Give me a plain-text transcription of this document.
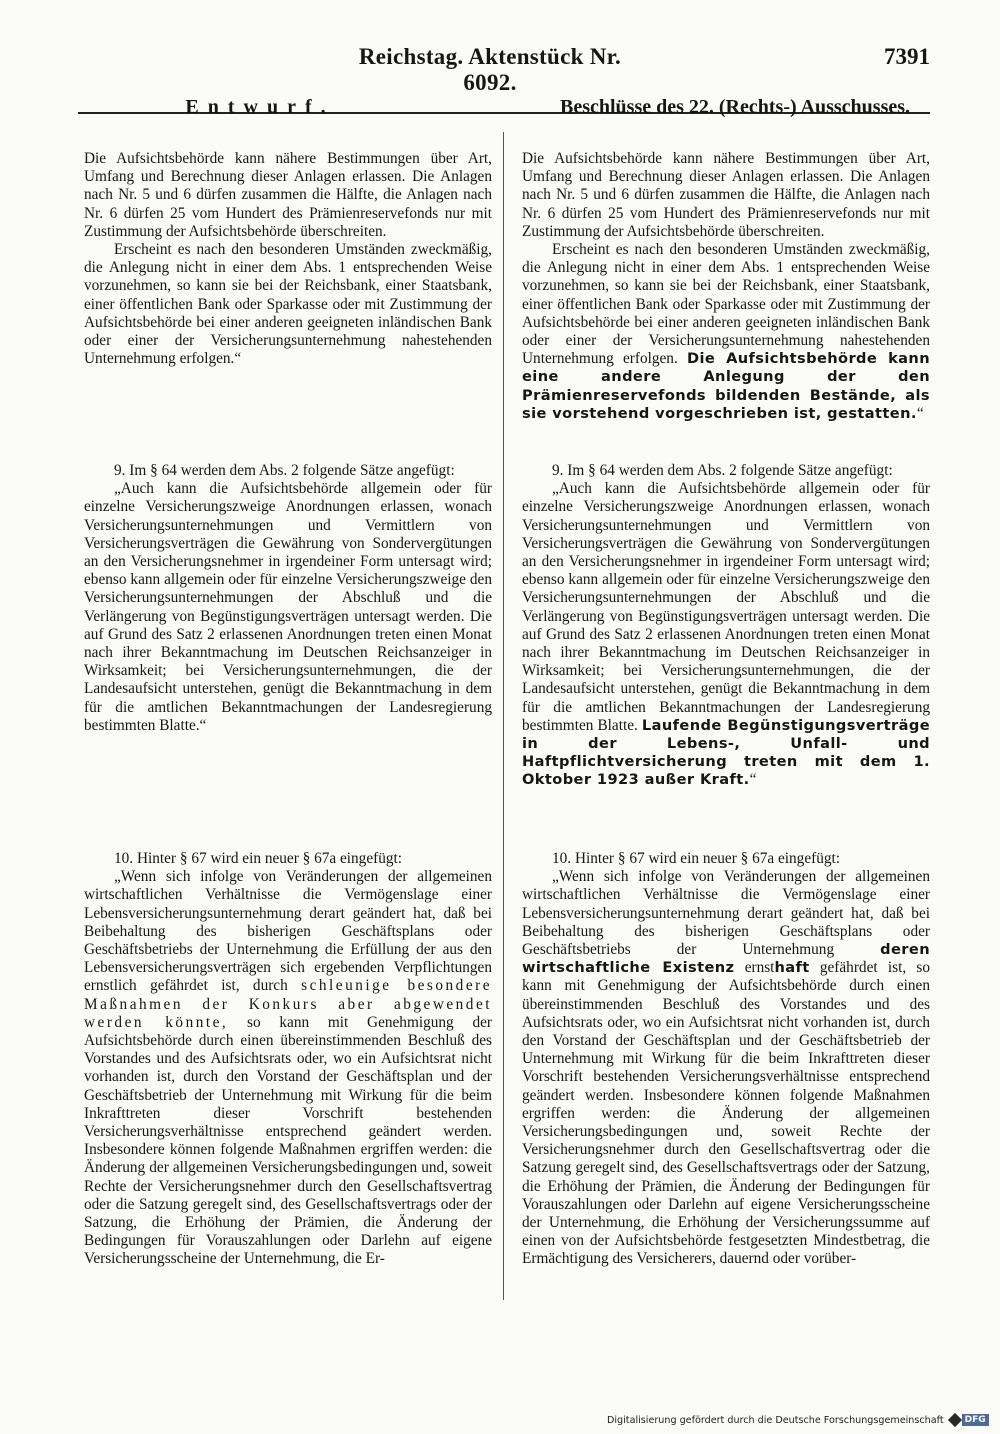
Reichstag. Aktenstück Nr. 6092.
7391
Entwurf.	Beschlüsse des 22. (Rechts-) Ausschusses.

Die Aufsichtsbehörde kann nähere Bestimmungen über Art, Umfang und Berechnung dieser Anlagen erlassen. Die Anlagen nach Nr. 5 und 6 dürfen zusammen die Hälfte, die Anlagen nach Nr. 6 dürfen 25 vom Hundert des Prämienreservefonds nur mit Zustimmung der Aufsichtsbehörde überschreiten.

Erscheint es nach den besonderen Umständen zweckmäßig, die Anlegung nicht in einer dem Abs. 1 entsprechenden Weise vorzunehmen, so kann sie bei der Reichsbank, einer Staatsbank, einer öffentlichen Bank oder Sparkasse oder mit Zustimmung der Aufsichtsbehörde bei einer anderen geeigneten inländischen Bank oder einer der Versicherungsunternehmung nahestehenden Unternehmung erfolgen.“

9. Im § 64 werden dem Abs. 2 folgende Sätze angefügt:

„Auch kann die Aufsichtsbehörde allgemein oder für einzelne Versicherungszweige Anordnungen erlassen, wonach Versicherungsunternehmungen und Vermittlern von Versicherungsverträgen die Gewährung von Sondervergütungen an den Versicherungsnehmer in irgendeiner Form untersagt wird; ebenso kann allgemein oder für einzelne Versicherungszweige den Versicherungsunternehmungen der Abschluß und die Verlängerung von Begünstigungsverträgen untersagt werden. Die auf Grund des Satz 2 erlassenen Anordnungen treten einen Monat nach ihrer Bekanntmachung im Deutschen Reichsanzeiger in Wirksamkeit; bei Versicherungsunternehmungen, die der Landesaufsicht unterstehen, genügt die Bekanntmachung in dem für die amtlichen Bekanntmachungen der Landesregierung bestimmten Blatte.“

10. Hinter § 67 wird ein neuer § 67a eingefügt:

„Wenn sich infolge von Veränderungen der allgemeinen wirtschaftlichen Verhältnisse die Vermögenslage einer Lebensversicherungsunternehmung derart geändert hat, daß bei Beibehaltung des bisherigen Geschäftsplans oder Geschäftsbetriebs der Unternehmung die Erfüllung der aus den Lebensversicherungsverträgen sich ergebenden Verpflichtungen ernstlich gefährdet ist, durch schleunige besondere Maßnahmen der Konkurs aber abgewendet werden könnte, so kann mit Genehmigung der Aufsichtsbehörde durch einen übereinstimmenden Beschluß des Vorstandes und des Aufsichtsrats oder, wo ein Aufsichtsrat nicht vorhanden ist, durch den Vorstand der Geschäftsplan und der Geschäftsbetrieb der Unternehmung mit Wirkung für die beim Inkrafttreten dieser Vorschrift bestehenden Versicherungsverhältnisse entsprechend geändert werden. Insbesondere können folgende Maßnahmen ergriffen werden: die Änderung der allgemeinen Versicherungsbedingungen und, soweit Rechte der Versicherungsnehmer durch den Gesellschaftsvertrag oder die Satzung geregelt sind, des Gesellschaftsvertrags oder der Satzung, die Erhöhung der Prämien, die Änderung der Bedingungen für Vorauszahlungen oder Darlehn auf eigene Versicherungsscheine der Unternehmung, die Er-

Die Aufsichtsbehörde kann nähere Bestimmungen über Art, Umfang und Berechnung dieser Anlagen erlassen. Die Anlagen nach Nr. 5 und 6 dürfen zusammen die Hälfte, die Anlagen nach Nr. 6 dürfen 25 vom Hundert des Prämienreservefonds nur mit Zustimmung der Aufsichtsbehörde überschreiten.

Erscheint es nach den besonderen Umständen zweckmäßig, die Anlegung nicht in einer dem Abs. 1 entsprechenden Weise vorzunehmen, so kann sie bei der Reichsbank, einer Staatsbank, einer öffentlichen Bank oder Sparkasse oder mit Zustimmung der Aufsichtsbehörde bei einer anderen geeigneten inländischen Bank oder einer der Versicherungsunternehmung nahestehenden Unternehmung erfolgen. Die Aufsichtsbehörde kann eine andere Anlegung der den Prämienreservefonds bildenden Bestände, als sie vorstehend vorgeschrieben ist, gestatten.“

9. Im § 64 werden dem Abs. 2 folgende Sätze angefügt:

„Auch kann die Aufsichtsbehörde allgemein oder für einzelne Versicherungszweige Anordnungen erlassen, wonach Versicherungsunternehmungen und Vermittlern von Versicherungsverträgen die Gewährung von Sondervergütungen an den Versicherungsnehmer in irgendeiner Form untersagt wird; ebenso kann allgemein oder für einzelne Versicherungszweige den Versicherungsunternehmungen der Abschluß und die Verlängerung von Begünstigungsverträgen untersagt werden. Die auf Grund des Satz 2 erlassenen Anordnungen treten einen Monat nach ihrer Bekanntmachung im Deutschen Reichsanzeiger in Wirksamkeit; bei Versicherungsunternehmungen, die der Landesaufsicht unterstehen, genügt die Bekanntmachung in dem für die amtlichen Bekanntmachungen der Landesregierung bestimmten Blatte. Laufende Begünstigungsverträge in der Lebens-, Unfall- und Haftpflichtversicherung treten mit dem 1. Oktober 1923 außer Kraft.“

10. Hinter § 67 wird ein neuer § 67a eingefügt:

„Wenn sich infolge von Veränderungen der allgemeinen wirtschaftlichen Verhältnisse die Vermögenslage einer Lebensversicherungsunternehmung derart geändert hat, daß bei Beibehaltung des bisherigen Geschäftsplans oder Geschäftsbetriebs der Unternehmung	deren wirtschaftliche Existenz ernsthaft gefährdet ist, so kann mit Genehmigung der Aufsichtsbehörde durch einen übereinstimmenden Beschluß des Vorstandes und des Aufsichtsrats oder, wo ein Aufsichtsrat nicht vorhanden ist, durch den Vorstand der Geschäftsplan und der Geschäftsbetrieb der Unternehmung mit Wirkung für die beim Inkrafttreten dieser Vorschrift bestehenden Versicherungsverhältnisse entsprechend geändert werden. Insbesondere können folgende Maßnahmen ergriffen werden: die Änderung der allgemeinen Versicherungsbedingungen und, soweit Rechte der Versicherungsnehmer durch den Gesellschaftsvertrag oder die Satzung geregelt sind, des Gesellschaftsvertrags oder der Satzung, die Erhöhung der Prämien, die Änderung der Bedingungen für Vorauszahlungen oder Darlehn auf eigene Versicherungsscheine der Unternehmung, die Erhöhung der Versicherungssumme auf einen von der Aufsichtsbehörde festgesetzten Mindestbetrag, die Ermächtigung des Versicherers, dauernd oder vorüber-

Digitalisierung gefördert durch die Deutsche Forschungsgemeinschaft	DFG
